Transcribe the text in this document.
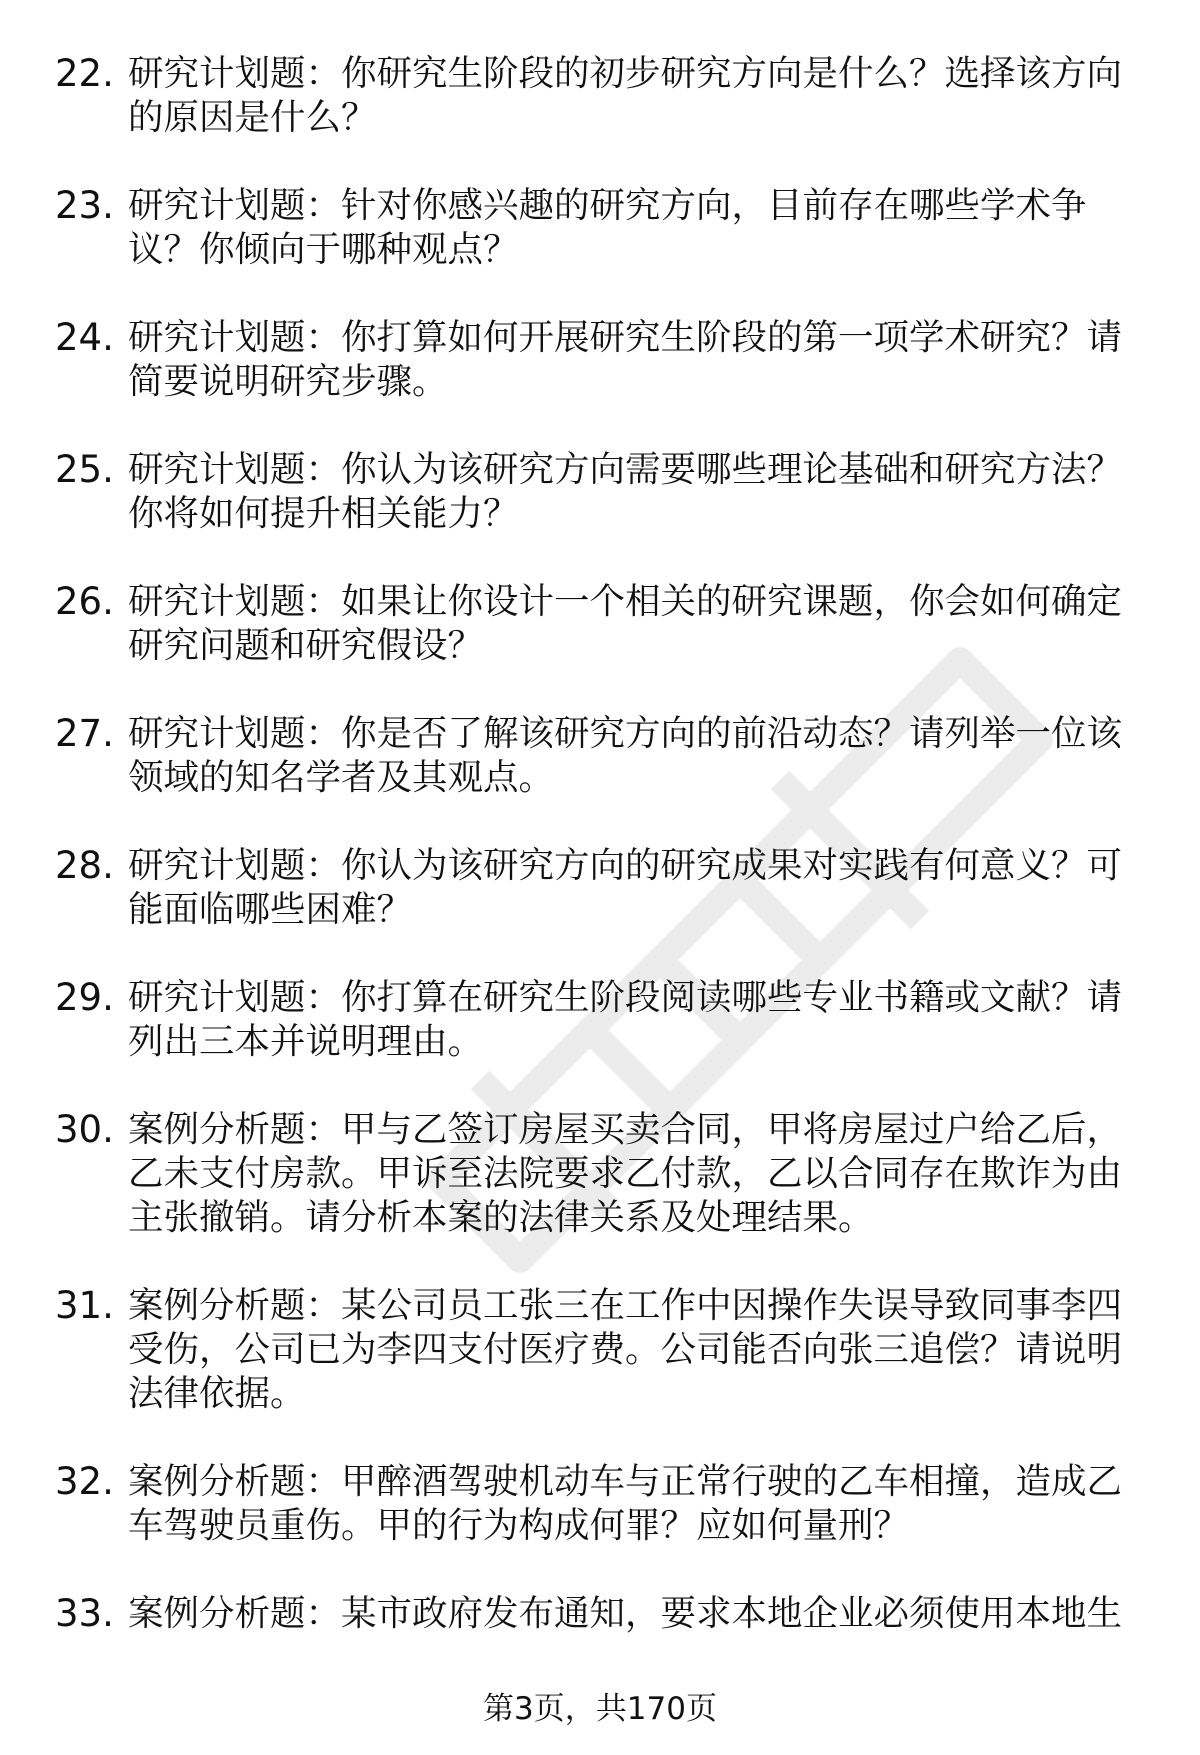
22. 研究计划题：你研究生阶段的初步研究方向是什么？选择该方向
的原因是什么？
23. 研究计划题：针对你感兴趣的研究方向，目前存在哪些学术争
议？你倾向于哪种观点？
24. 研究计划题：你打算如何开展研究生阶段的第一项学术研究？请
简要说明研究步骤。
25. 研究计划题：你认为该研究方向需要哪些理论基础和研究方法？
你将如何提升相关能力？
26. 研究计划题：如果让你设计一个相关的研究课题，你会如何确定
研究问题和研究假设？
27. 研究计划题：你是否了解该研究方向的前沿动态？请列举一位该
领域的知名学者及其观点。
28. 研究计划题：你认为该研究方向的研究成果对实践有何意义？可
能面临哪些困难？
29. 研究计划题：你打算在研究生阶段阅读哪些专业书籍或文献？请
列出三本并说明理由。
30. 案例分析题：甲与乙签订房屋买卖合同，甲将房屋过户给乙后，
乙未支付房款。甲诉至法院要求乙付款，乙以合同存在欺诈为由
主张撤销。请分析本案的法律关系及处理结果。
31. 案例分析题：某公司员工张三在工作中因操作失误导致同事李四
受伤，公司已为李四支付医疗费。公司能否向张三追偿？请说明
法律依据。
32. 案例分析题：甲醉酒驾驶机动车与正常行驶的乙车相撞，造成乙
车驾驶员重伤。甲的行为构成何罪？应如何量刑？
33. 案例分析题：某市政府发布通知，要求本地企业必须使用本地生
第3页，共170页
